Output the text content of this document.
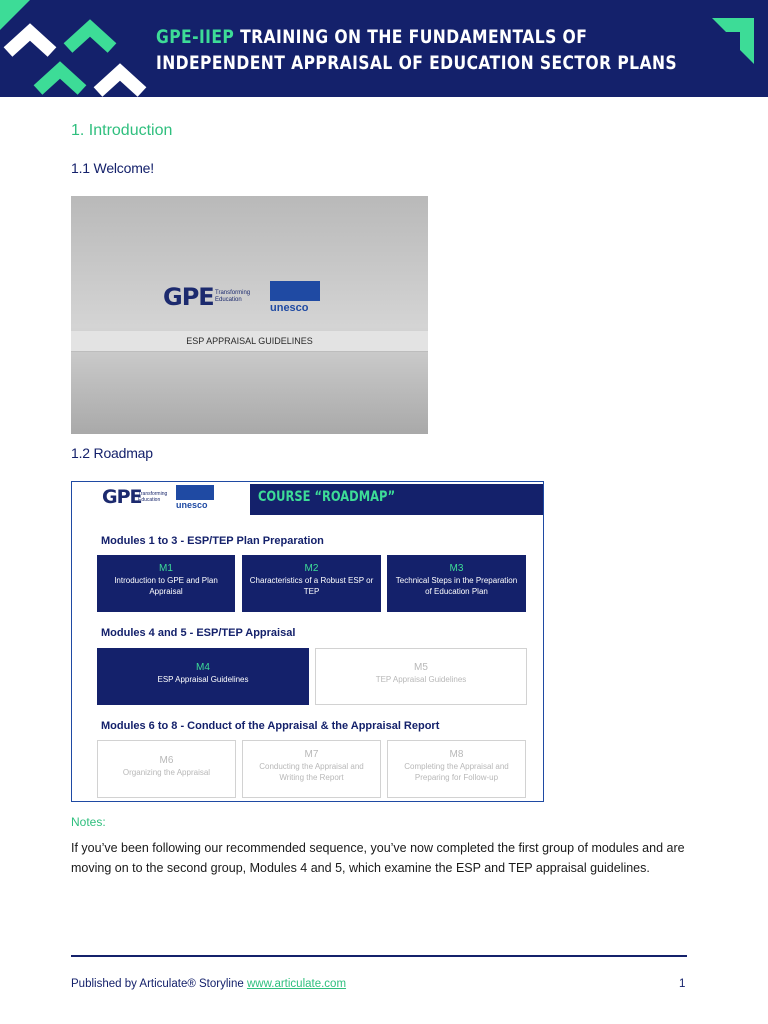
GPE-IIEP TRAINING ON THE FUNDAMENTALS OF
INDEPENDENT APPRAISAL OF EDUCATION SECTOR PLANS
1. Introduction
1.1 Welcome!
GPE Transforming
Education
unesco
ESP APPRAISAL GUIDELINES
1.2 Roadmap
GPE
Transforming
Education	unesco	COURSE “ROADMAP”
Modules 1 to 3 - ESP/TEP Plan Preparation
Modules 4 and 5 - ESP/TEP Appraisal
Modules 6 to 8 - Conduct of the Appraisal & the Appraisal Report
M1
Introduction to GPE and Plan Appraisal
M2
Characteristics of a Robust ESP or TEP
M3
Technical Steps in the Preparation of Education Plan
M4
ESP Appraisal Guidelines
M5
TEP Appraisal Guidelines
M6
Organizing the Appraisal
M7
Conducting the Appraisal and Writing the Report
M8
Completing the Appraisal and Preparing for Follow-up
Notes:

If you’ve been following our recommended sequence, you’ve now completed the first group of modules and are moving on to the second group, Modules 4 and 5, which examine the ESP and TEP appraisal guidelines.

Published by Articulate® Storyline www.articulate.com	1
